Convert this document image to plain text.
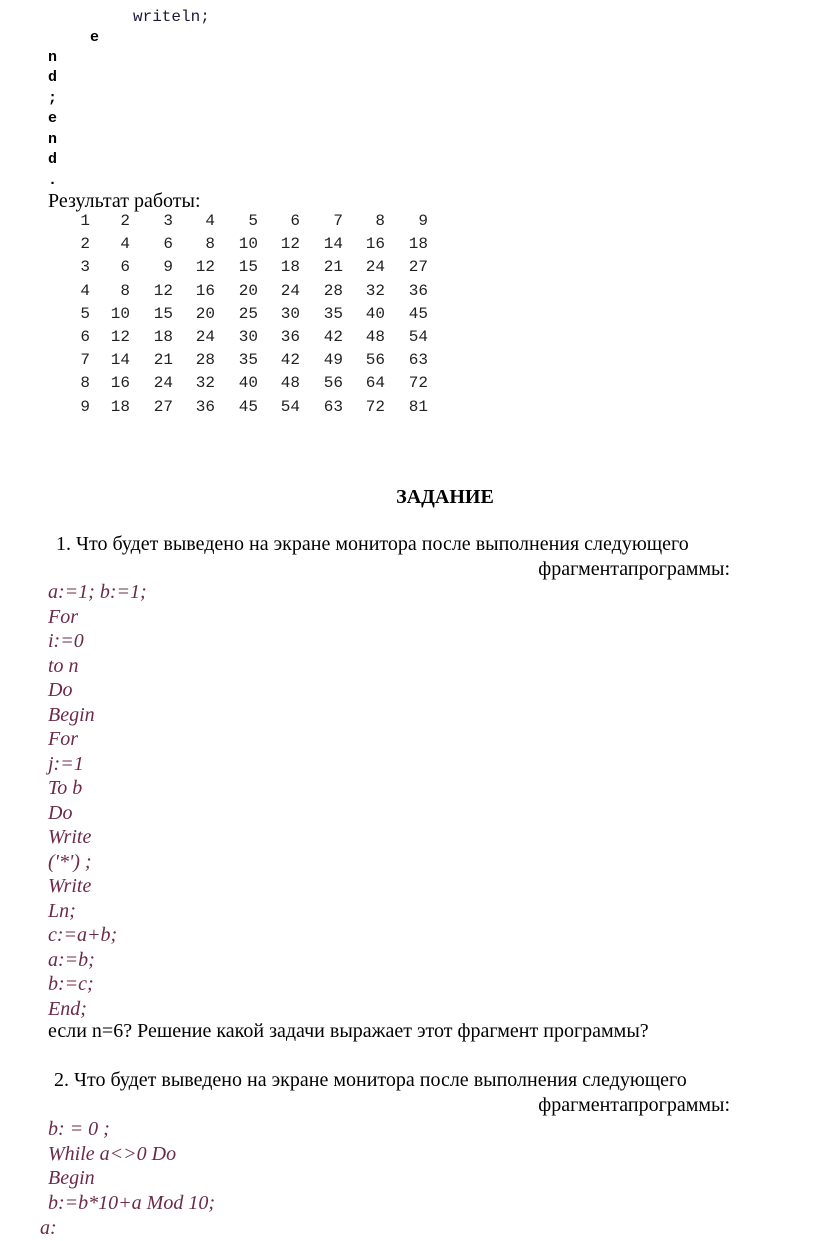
writeln;
e
n
d
;
e
n
d
.
Результат работы:
1	2	3	4	5	6	7	8	9
2	4	6	8	10	12	14	16	18
3	6	9	12	15	18	21	24	27
4	8	12	16	20	24	28	32	36
5	10	15	20	25	30	35	40	45
6	12	18	24	30	36	42	48	54
7	14	21	28	35	42	49	56	63
8	16	24	32	40	48	56	64	72
9	18	27	36	45	54	63	72	81
ЗАДАНИЕ
1. Что будет выведено на экране монитора после выполнения следующего
фрагментапрограммы:
a:=1; b:=1;
For
i:=0
to n
Do
Begin
For
j:=1
To b
Do
Write
('*') ;
Write
Ln;
c:=a+b;
a:=b;
b:=c;
End;
если n=6? Решение какой задачи выражает этот фрагмент программы?
2. Что будет выведено на экране монитора после выполнения следующего
фрагментапрограммы:
b: = 0 ;
While a<>0 Do
Begin
b:=b*10+a Mod 10;
a:
